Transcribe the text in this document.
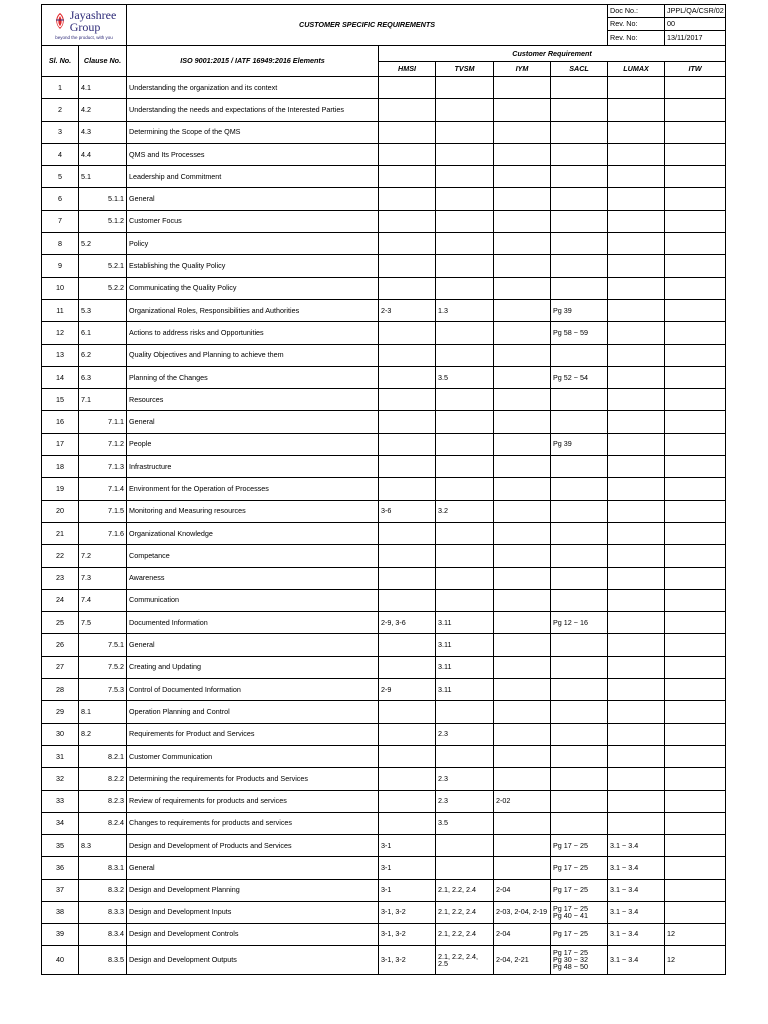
Jayashree
Group
beyond the product, with you		CUSTOMER SPECIFIC REQUIREMENTS					Doc No.:	JPPL/QA/CSR/02
							Rev. No:	00
							Rev. No:	13/11/2017
Sl. No.	Clause No.	ISO 9001:2015 / IATF 16949:2016 Elements	Customer Requirement					
			HMSI	TVSM	IYM	SACL	LUMAX	ITW
1	4.1	Understanding the organization and its context						
2	4.2	Understanding the needs and expectations of the Interested Parties						
3	4.3	Determining the Scope of the QMS						
4	4.4	QMS and Its Processes						
5	5.1	Leadership and Commitment						
6	5.1.1	General						
7	5.1.2	Customer Focus						
8	5.2	Policy						
9	5.2.1	Establishing the Quality Policy						
10	5.2.2	Communicating the Quality Policy						
11	5.3	Organizational Roles, Responsibilities and Authorities	2-3	1.3		Pg 39		
12	6.1	Actions to address risks and Opportunities				Pg 58 ~ 59		
13	6.2	Quality Objectives and Planning to achieve them						
14	6.3	Planning of the Changes		3.5		Pg 52 ~ 54		
15	7.1	Resources						
16	7.1.1	General						
17	7.1.2	People				Pg 39		
18	7.1.3	Infrastructure						
19	7.1.4	Environment for the Operation of Processes						
20	7.1.5	Monitoring and Measuring resources	3-6	3.2				
21	7.1.6	Organizational Knowledge						
22	7.2	Competance						
23	7.3	Awareness						
24	7.4	Communication						
25	7.5	Documented Information	2-9, 3-6	3.11		Pg 12 ~ 16		
26	7.5.1	General		3.11				
27	7.5.2	Creating and Updating		3.11				
28	7.5.3	Control of Documented Information	2-9	3.11				
29	8.1	Operation Planning and Control						
30	8.2	Requirements for Product and Services		2.3				
31	8.2.1	Customer Communication						
32	8.2.2	Determining the requirements for Products and Services		2.3				
33	8.2.3	Review of requirements for products and services		2.3	2-02			
34	8.2.4	Changes to requirements for products and services		3.5				
35	8.3	Design and Development of Products and Services	3-1			Pg 17 ~ 25	3.1 ~ 3.4	
36	8.3.1	General	3-1			Pg 17 ~ 25	3.1 ~ 3.4	
37	8.3.2	Design and Development Planning	3-1	2.1, 2.2, 2.4	2-04	Pg 17 ~ 25	3.1 ~ 3.4	
38	8.3.3	Design and Development Inputs	3-1, 3-2	2.1, 2.2, 2.4	2-03, 2-04, 2-19	Pg 17 ~ 25
Pg 40 ~ 41	3.1 ~ 3.4	
39	8.3.4	Design and Development Controls	3-1, 3-2	2.1, 2.2, 2.4	2-04	Pg 17 ~ 25	3.1 ~ 3.4	12
40	8.3.5	Design and Development Outputs	3-1, 3-2	2.1, 2.2, 2.4,
2.5	2-04, 2-21	Pg 17 ~ 25
Pg 30 ~ 32
Pg 48 ~ 50	3.1 ~ 3.4	12
